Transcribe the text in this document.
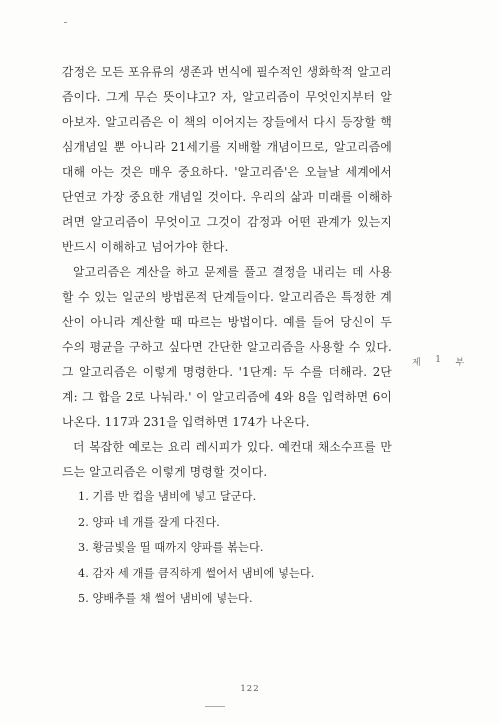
감정은 모든 포유류의 생존과 번식에 필수적인 생화학적 알고리즘이다. 그게 무슨 뜻이냐고? 자, 알고리즘이 무엇인지부터 알아보자. 알고리즘은 이 책의 이어지는 장들에서 다시 등장할 핵심개념일 뿐 아니라 21세기를 지배할 개념이므로, 알고리즘에 대해 아는 것은 매우 중요하다. '알고리즘'은 오늘날 세계에서 단연코 가장 중요한 개념일 것이다. 우리의 삶과 미래를 이해하려면 알고리즘이 무엇이고 그것이 감정과 어떤 관계가 있는지 반드시 이해하고 넘어가야 한다.

알고리즘은 계산을 하고 문제를 풀고 결정을 내리는 데 사용할 수 있는 일군의 방법론적 단계들이다. 알고리즘은 특정한 계산이 아니라 계산할 때 따르는 방법이다. 예를 들어 당신이 두 수의 평균을 구하고 싶다면 간단한 알고리즘을 사용할 수 있다. 그 알고리즘은 이렇게 명령한다. '1단계: 두 수를 더해라. 2단계: 그 합을 2로 나눠라.' 이 알고리즘에 4와 8을 입력하면 6이 나온다. 117과 231을 입력하면 174가 나온다.

더 복잡한 예로는 요리 레시피가 있다. 예컨대 채소수프를 만드는 알고리즘은 이렇게 명령할 것이다.

1. 기름 반 컵을 냄비에 넣고 달군다.
2. 양파 네 개를 잘게 다진다.
3. 황금빛을 띨 때까지 양파를 볶는다.
4. 감자 세 개를 큼직하게 썰어서 냄비에 넣는다.
5. 양배추를 채 썰어 냄비에 넣는다.
제 1 부
122
